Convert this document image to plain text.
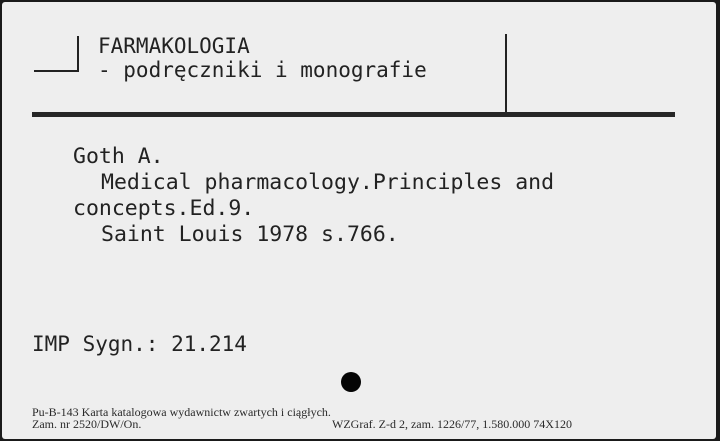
FARMAKOLOGIA

- podręczniki i monografie

Goth A.

Medical pharmacology.Principles and

concepts.Ed.9.

Saint Louis 1978 s.766.

IMP Sygn.: 21.214

Pu-B-143 Karta katalogowa wydawnictw zwartych i ciągłych.

Zam. nr 2520/DW/On.	WZGraf. Z-d 2, zam. 1226/77, 1.580.000 74X120
